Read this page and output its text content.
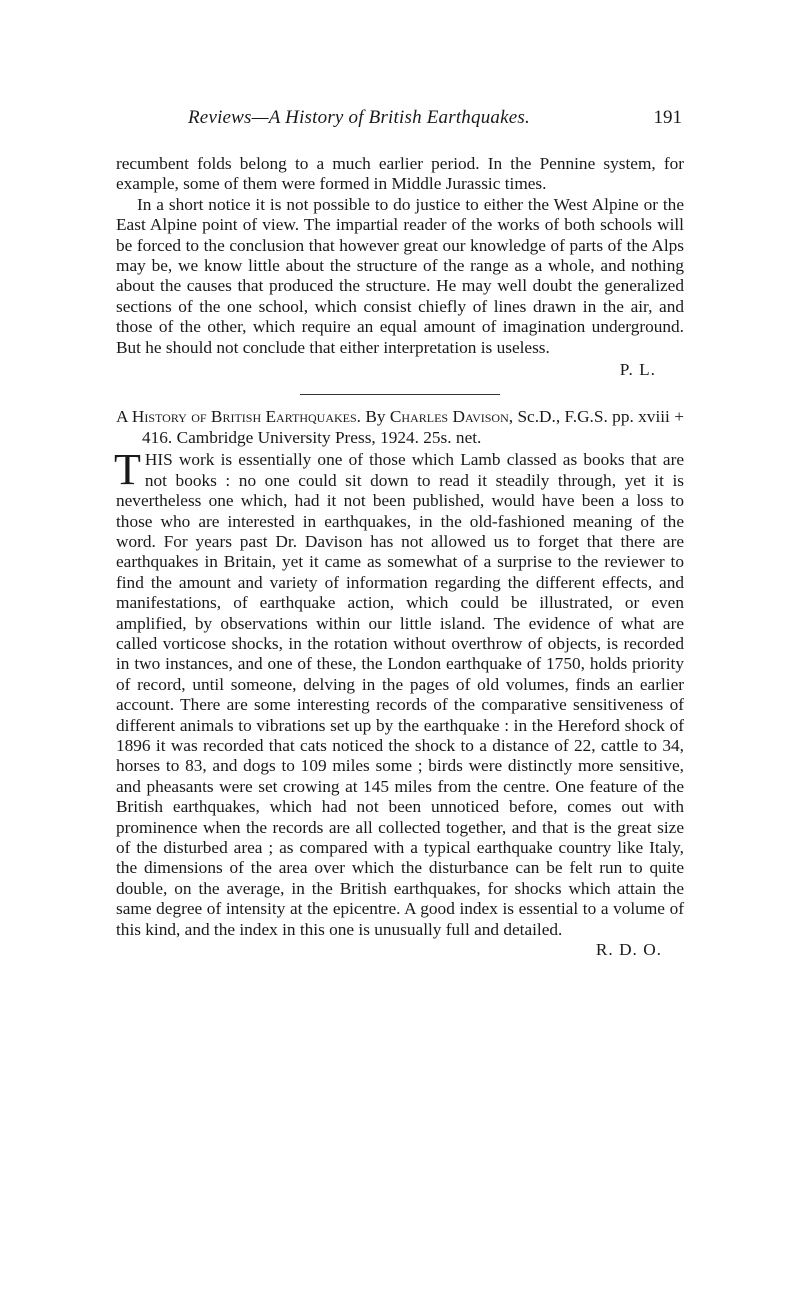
Reviews—A History of British Earthquakes.	191

recumbent folds belong to a much earlier period. In the Pennine system, for example, some of them were formed in Middle Jurassic times.

In a short notice it is not possible to do justice to either the West Alpine or the East Alpine point of view. The impartial reader of the works of both schools will be forced to the conclusion that however great our knowledge of parts of the Alps may be, we know little about the structure of the range as a whole, and nothing about the causes that produced the structure. He may well doubt the generalized sections of the one school, which consist chiefly of lines drawn in the air, and those of the other, which require an equal amount of imagination underground. But he should not conclude that either interpretation is useless.

P. L.

A History of British Earthquakes. By Charles Davison, Sc.D., F.G.S. pp. xviii + 416. Cambridge University Press, 1924. 25s. net.

THIS work is essentially one of those which Lamb classed as books that are not books : no one could sit down to read it steadily through, yet it is nevertheless one which, had it not been published, would have been a loss to those who are interested in earthquakes, in the old-fashioned meaning of the word. For years past Dr. Davison has not allowed us to forget that there are earthquakes in Britain, yet it came as somewhat of a surprise to the reviewer to find the amount and variety of information regarding the different effects, and manifestations, of earthquake action, which could be illustrated, or even amplified, by observations within our little island. The evidence of what are called vorticose shocks, in the rotation without overthrow of objects, is recorded in two instances, and one of these, the London earthquake of 1750, holds priority of record, until someone, delving in the pages of old volumes, finds an earlier account. There are some interesting records of the comparative sensitiveness of different animals to vibrations set up by the earthquake : in the Hereford shock of 1896 it was recorded that cats noticed the shock to a distance of 22, cattle to 34, horses to 83, and dogs to 109 miles some ; birds were distinctly more sensitive, and pheasants were set crowing at 145 miles from the centre. One feature of the British earthquakes, which had not been unnoticed before, comes out with prominence when the records are all collected together, and that is the great size of the disturbed area ; as compared with a typical earthquake country like Italy, the dimensions of the area over which the disturbance can be felt run to quite double, on the average, in the British earthquakes, for shocks which attain the same degree of intensity at the epicentre. A good index is essential to a volume of this kind, and the index in this one is unusually full and detailed.

R. D. O.
